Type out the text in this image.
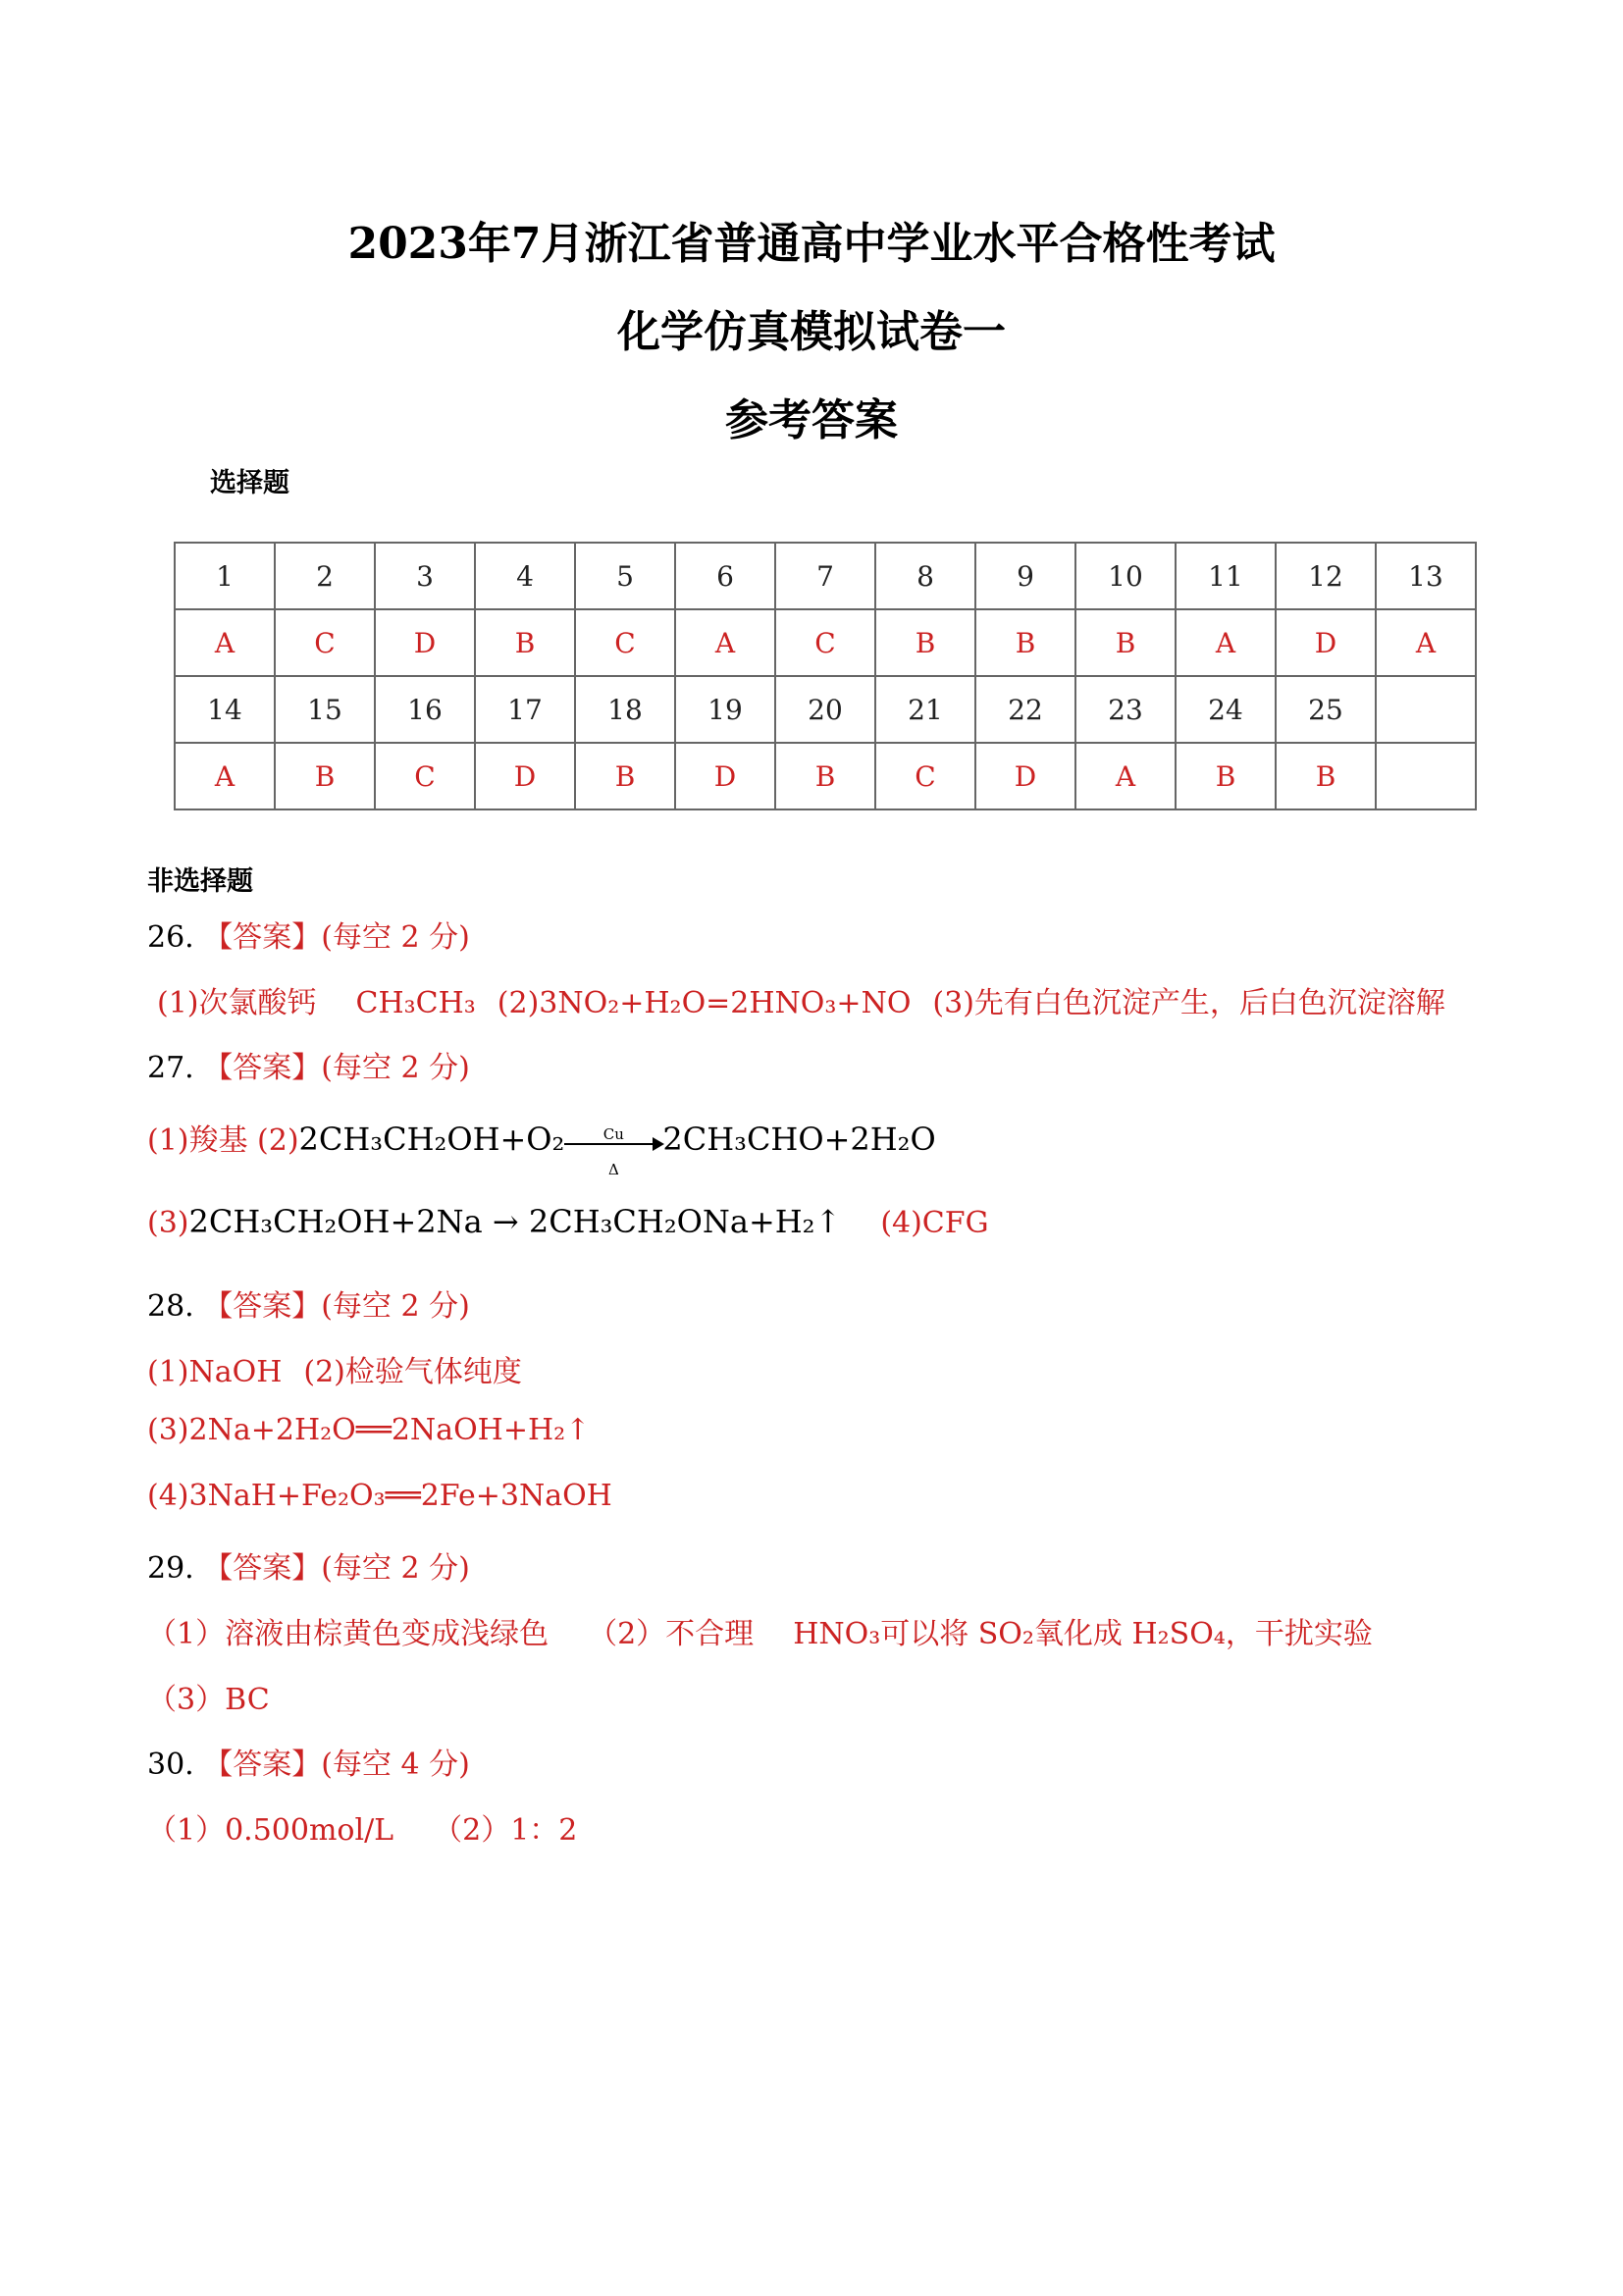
2023年7月浙江省普通高中学业水平合格性考试
化学仿真模拟试卷一
参考答案
选择题
1	2	3	4	5	6	7	8	9	10	11	12	13
A	C	D	B	C	A	C	B	B	B	A	D	A
14	15	16	17	18	19	20	21	22	23	24	25	
A	B	C	D	B	D	B	C	D	A	B	B	
非选择题
26. 【答案】(每空 2 分)
(1)次氯酸钙 CH₃CH₃ (2)3NO₂+H₂O=2HNO₃+NO (3)先有白色沉淀产生，后白色沉淀溶解
27. 【答案】(每空 2 分)
(1)羧基 $(2)2CH_3CH_2OH+O_2 \frac{Cu}{\Delta} 2CH_3CHO+2H_2O$
(3)2CH₃CH₂OH+2Na → 2CH₃CH₂ONa+H₂↑ (4)CFG
28. 【答案】(每空 2 分)
(1)NaOH (2)检验气体纯度
(3)2Na+2H₂O══2NaOH+H₂↑
(4)3NaH+Fe₂O₃══2Fe+3NaOH
29. 【答案】(每空 2 分)
（1）溶液由棕黄色变成浅绿色 （2）不合理 HNO₃可以将 SO₂氧化成 H₂SO₄，干扰实验
（3）BC
30. 【答案】(每空 4 分)
（1）0.500mol/L （2）1：2
